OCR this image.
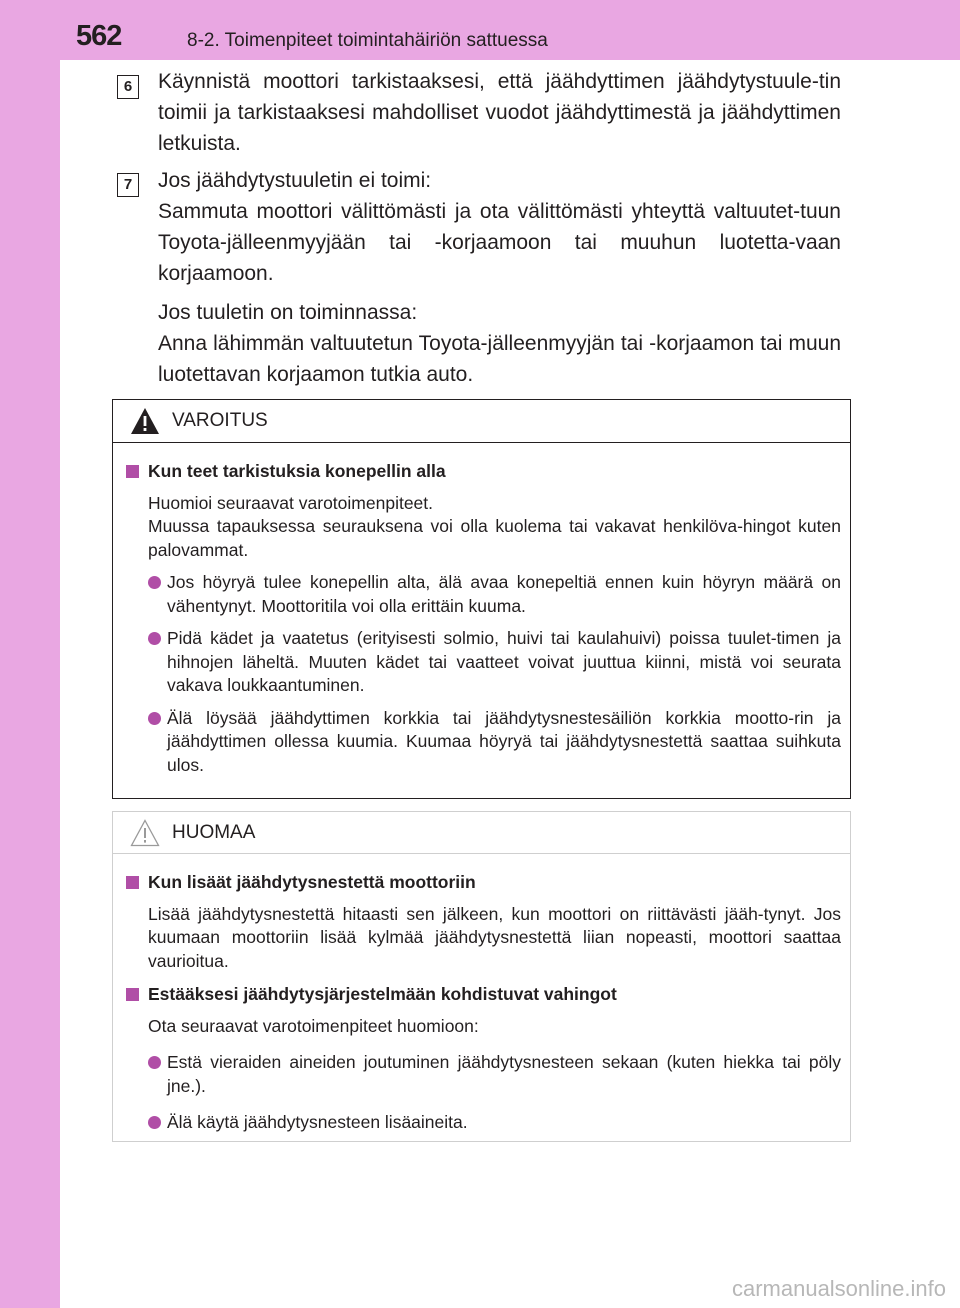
562	8-2. Toimenpiteet toimintahäiriön sattuessa
6	Käynnistä moottori tarkistaaksesi, että jäähdyttimen jäähdytystuule-tin toimii ja tarkistaaksesi mahdolliset vuodot jäähdyttimestä ja jäähdyttimen letkuista.

7	Jos jäähdytystuuletin ei toimi:

Sammuta moottori välittömästi ja ota välittömästi yhteyttä valtuutet-tuun Toyota-jälleenmyyjään tai -korjaamoon tai muuhun luotetta-vaan korjaamoon.

Jos tuuletin on toiminnassa:

Anna lähimmän valtuutetun Toyota-jälleenmyyjän tai -korjaamon tai muun luotettavan korjaamon tutkia auto.

VAROITUS

Kun teet tarkistuksia konepellin alla

Huomioi seuraavat varotoimenpiteet.

Muussa tapauksessa seurauksena voi olla kuolema tai vakavat henkilöva-hingot kuten palovammat.

Jos höyryä tulee konepellin alta, älä avaa konepeltiä ennen kuin höyryn määrä on vähentynyt. Moottoritila voi olla erittäin kuuma.

Pidä kädet ja vaatetus (erityisesti solmio, huivi tai kaulahuivi) poissa tuulet-timen ja hihnojen läheltä. Muuten kädet tai vaatteet voivat juuttua kiinni, mistä voi seurata vakava loukkaantuminen.

Älä löysää jäähdyttimen korkkia tai jäähdytysnestesäiliön korkkia mootto-rin ja jäähdyttimen ollessa kuumia. Kuumaa höyryä tai jäähdytysnestettä saattaa suihkuta ulos.

HUOMAA

Kun lisäät jäähdytysnestettä moottoriin

Lisää jäähdytysnestettä hitaasti sen jälkeen, kun moottori on riittävästi jääh-tynyt. Jos kuumaan moottoriin lisää kylmää jäähdytysnestettä liian nopeasti, moottori saattaa vaurioitua.

Estääksesi jäähdytysjärjestelmään kohdistuvat vahingot

Ota seuraavat varotoimenpiteet huomioon:

Estä vieraiden aineiden joutuminen jäähdytysnesteen sekaan (kuten hiekka tai pöly jne.).

Älä käytä jäähdytysnesteen lisäaineita.

carmanualsonline.info
